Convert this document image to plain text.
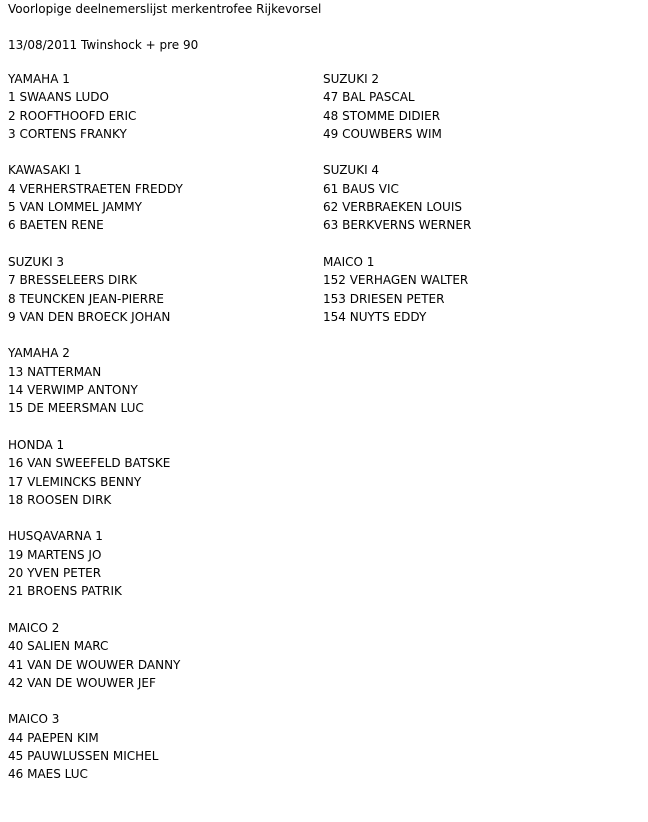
Voorlopige deelnemerslijst merkentrofee Rijkevorsel
13/08/2011 Twinshock + pre 90
YAMAHA 1
1 SWAANS LUDO
2 ROOFTHOOFD ERIC
3 CORTENS FRANKY
KAWASAKI 1
4 VERHERSTRAETEN FREDDY
5 VAN LOMMEL JAMMY
6 BAETEN RENE
SUZUKI 3
7 BRESSELEERS DIRK
8 TEUNCKEN JEAN-PIERRE
9 VAN DEN BROECK JOHAN
YAMAHA 2
13 NATTERMAN
14 VERWIMP ANTONY
15 DE MEERSMAN LUC
HONDA 1
16 VAN SWEEFELD BATSKE
17 VLEMINCKS BENNY
18 ROOSEN DIRK
HUSQAVARNA 1
19 MARTENS JO
20 YVEN PETER
21 BROENS PATRIK
MAICO 2
40 SALIEN MARC
41 VAN DE WOUWER DANNY
42 VAN DE WOUWER JEF
MAICO 3
44 PAEPEN KIM
45 PAUWLUSSEN MICHEL
46 MAES LUC
SUZUKI 2
47 BAL PASCAL
48 STOMME DIDIER
49 COUWBERS WIM
SUZUKI 4
61 BAUS VIC
62 VERBRAEKEN LOUIS
63 BERKVERNS WERNER
MAICO 1
152 VERHAGEN WALTER
153 DRIESEN PETER
154 NUYTS EDDY
